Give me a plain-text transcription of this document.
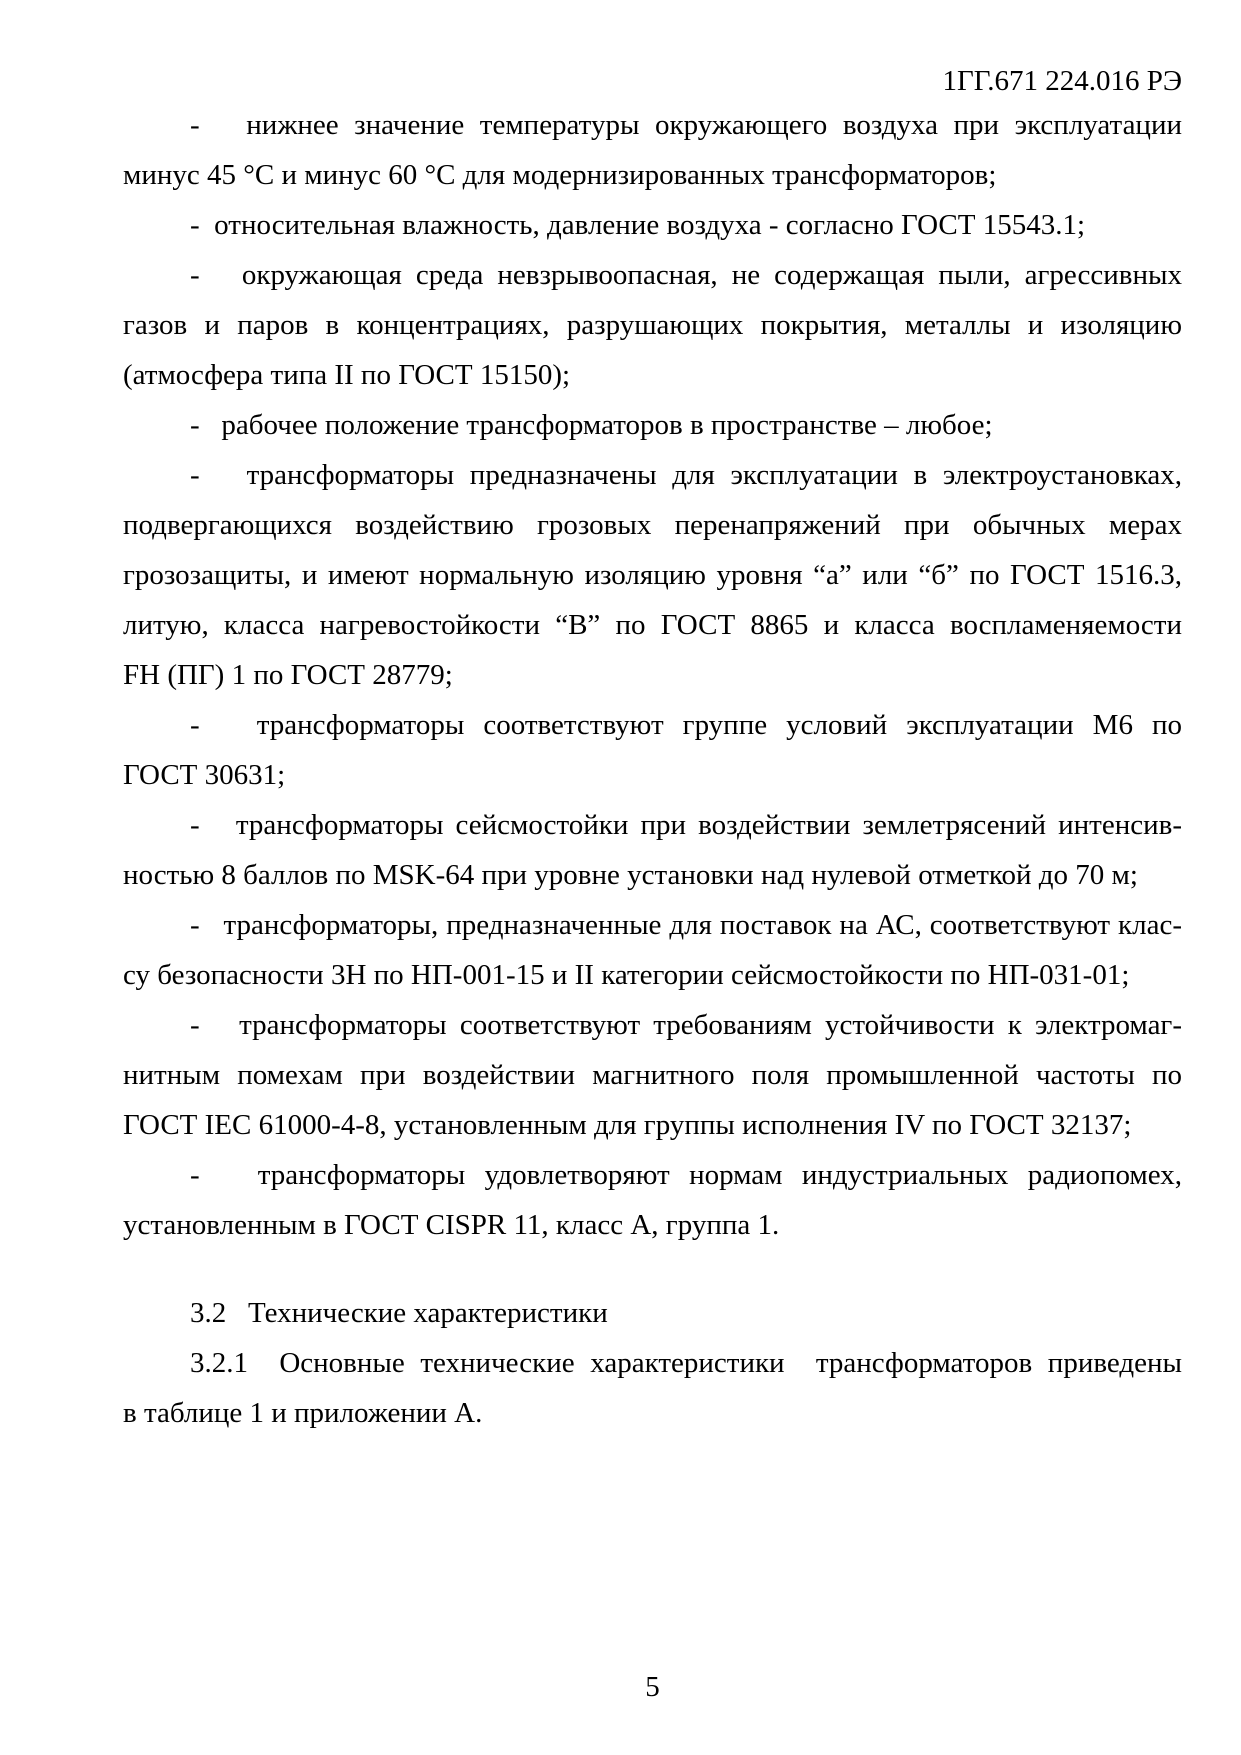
1ГГ.671 224.016 РЭ
-   нижнее значение температуры окружающего воздуха при эксплуатации
минус 45 °С и минус 60 °С для модернизированных трансформаторов;
-  относительная влажность, давление воздуха - согласно ГОСТ 15543.1;
-   окружающая среда невзрывоопасная, не содержащая пыли, агрессивных
газов и паров в концентрациях, разрушающих покрытия, металлы и изоляцию
(атмосфера типа II по ГОСТ 15150);
-   рабочее положение трансформаторов в пространстве – любое;
-   трансформаторы предназначены для эксплуатации в электроустановках,
подвергающихся воздействию грозовых перенапряжений при обычных мерах
грозозащиты, и имеют нормальную изоляцию уровня “а” или “б” по ГОСТ 1516.3,
литую, класса нагревостойкости “В” по ГОСТ 8865 и класса воспламеняемости
FH (ПГ) 1 по ГОСТ 28779;
-   трансформаторы соответствуют группе условий эксплуатации М6 по
ГОСТ 30631;
-   трансформаторы сейсмостойки при воздействии землетрясений интенсив-
ностью 8 баллов по MSK-64 при уровне установки над нулевой отметкой до 70 м;
-   трансформаторы, предназначенные для поставок на АС, соответствуют клас-
су безопасности 3Н по НП-001-15 и II категории сейсмостойкости по НП-031-01;
-   трансформаторы соответствуют требованиям устойчивости к электромаг-
нитным помехам при воздействии магнитного поля промышленной частоты по
ГОСТ IEC 61000-4-8, установленным для группы исполнения IV по ГОСТ 32137;
-   трансформаторы удовлетворяют нормам индустриальных радиопомех,
установленным в ГОСТ CISPR 11, класс А, группа 1.
3.2   Технические характеристики
3.2.1  Основные технические характеристики  трансформаторов приведены
в таблице 1 и приложении А.
5
